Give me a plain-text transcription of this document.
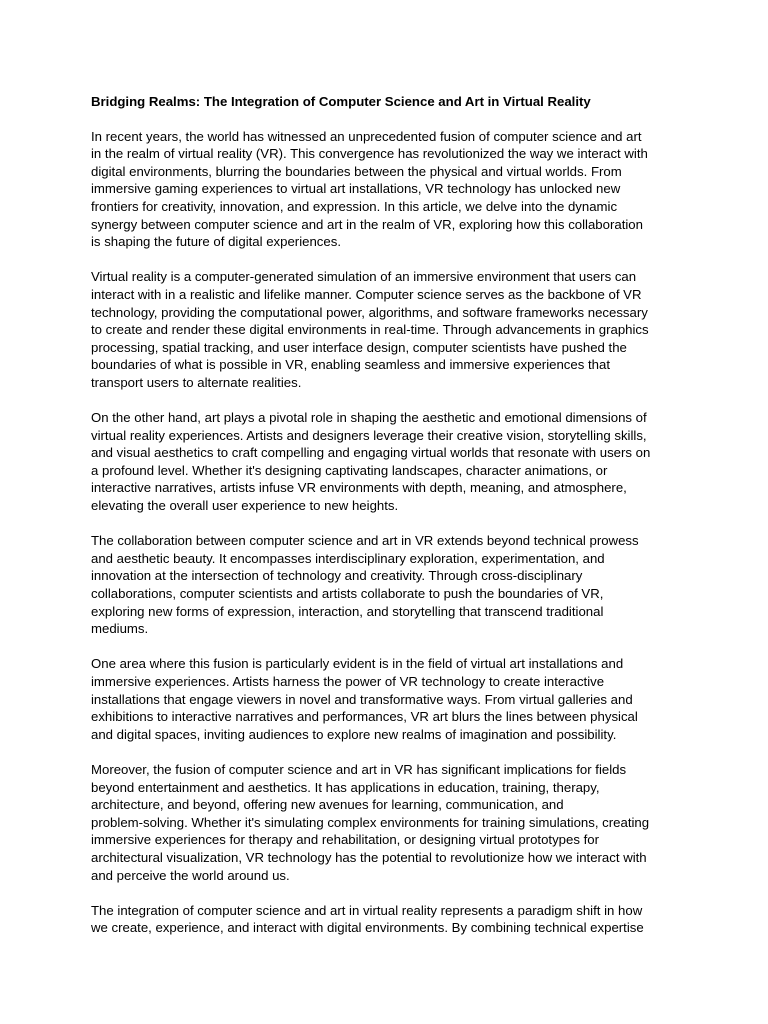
Bridging Realms: The Integration of Computer Science and Art in Virtual Reality

In recent years, the world has witnessed an unprecedented fusion of computer science and art
in the realm of virtual reality (VR). This convergence has revolutionized the way we interact with
digital environments, blurring the boundaries between the physical and virtual worlds. From
immersive gaming experiences to virtual art installations, VR technology has unlocked new
frontiers for creativity, innovation, and expression. In this article, we delve into the dynamic
synergy between computer science and art in the realm of VR, exploring how this collaboration
is shaping the future of digital experiences.

Virtual reality is a computer-generated simulation of an immersive environment that users can
interact with in a realistic and lifelike manner. Computer science serves as the backbone of VR
technology, providing the computational power, algorithms, and software frameworks necessary
to create and render these digital environments in real-time. Through advancements in graphics
processing, spatial tracking, and user interface design, computer scientists have pushed the
boundaries of what is possible in VR, enabling seamless and immersive experiences that
transport users to alternate realities.

On the other hand, art plays a pivotal role in shaping the aesthetic and emotional dimensions of
virtual reality experiences. Artists and designers leverage their creative vision, storytelling skills,
and visual aesthetics to craft compelling and engaging virtual worlds that resonate with users on
a profound level. Whether it's designing captivating landscapes, character animations, or
interactive narratives, artists infuse VR environments with depth, meaning, and atmosphere,
elevating the overall user experience to new heights.

The collaboration between computer science and art in VR extends beyond technical prowess
and aesthetic beauty. It encompasses interdisciplinary exploration, experimentation, and
innovation at the intersection of technology and creativity. Through cross-disciplinary
collaborations, computer scientists and artists collaborate to push the boundaries of VR,
exploring new forms of expression, interaction, and storytelling that transcend traditional
mediums.

One area where this fusion is particularly evident is in the field of virtual art installations and
immersive experiences. Artists harness the power of VR technology to create interactive
installations that engage viewers in novel and transformative ways. From virtual galleries and
exhibitions to interactive narratives and performances, VR art blurs the lines between physical
and digital spaces, inviting audiences to explore new realms of imagination and possibility.

Moreover, the fusion of computer science and art in VR has significant implications for fields
beyond entertainment and aesthetics. It has applications in education, training, therapy,
architecture, and beyond, offering new avenues for learning, communication, and
problem-solving. Whether it's simulating complex environments for training simulations, creating
immersive experiences for therapy and rehabilitation, or designing virtual prototypes for
architectural visualization, VR technology has the potential to revolutionize how we interact with
and perceive the world around us.

The integration of computer science and art in virtual reality represents a paradigm shift in how
we create, experience, and interact with digital environments. By combining technical expertise
